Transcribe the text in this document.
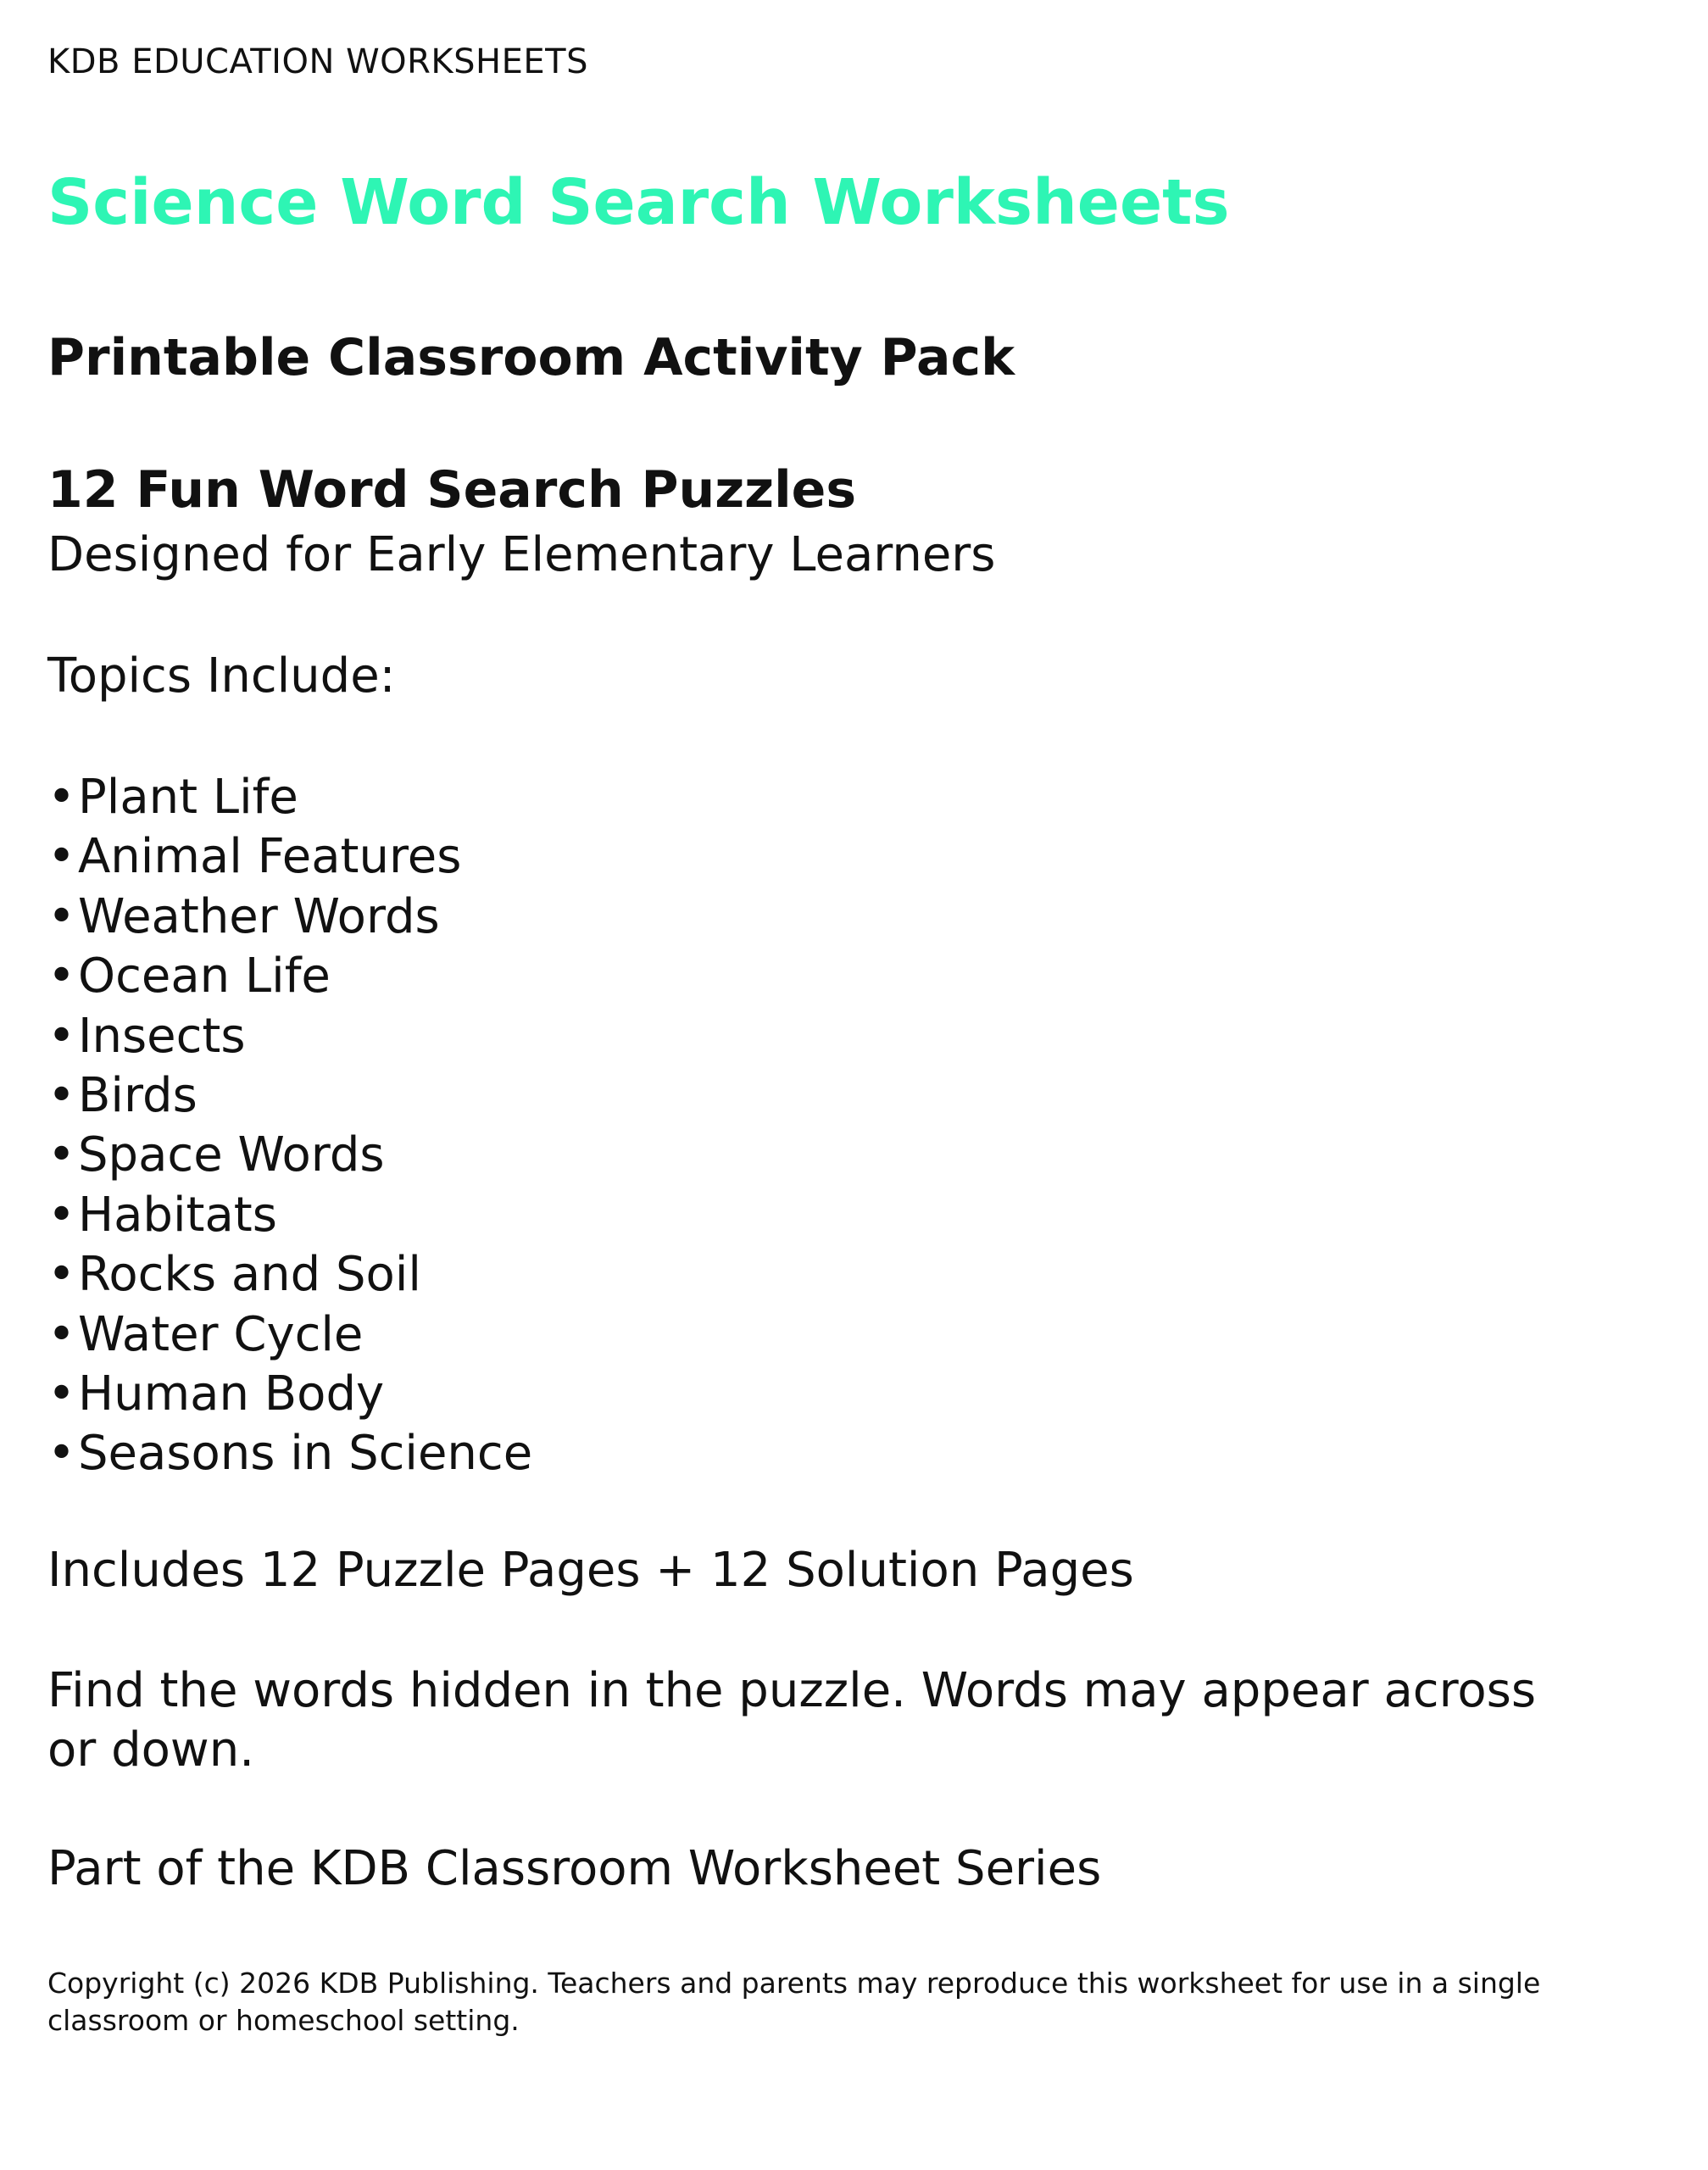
KDB EDUCATION WORKSHEETS
Science Word Search Worksheets
Printable Classroom Activity Pack
12 Fun Word Search Puzzles
Designed for Early Elementary Learners
Topics Include:
•Plant Life
•Animal Features
•Weather Words
•Ocean Life
•Insects
•Birds
•Space Words
•Habitats
•Rocks and Soil
•Water Cycle
•Human Body
•Seasons in Science
Includes 12 Puzzle Pages + 12 Solution Pages
Find the words hidden in the puzzle. Words may appear across or down.
Part of the KDB Classroom Worksheet Series
Copyright (c) 2026 KDB Publishing. Teachers and parents may reproduce this worksheet for use in a single classroom or homeschool setting.
